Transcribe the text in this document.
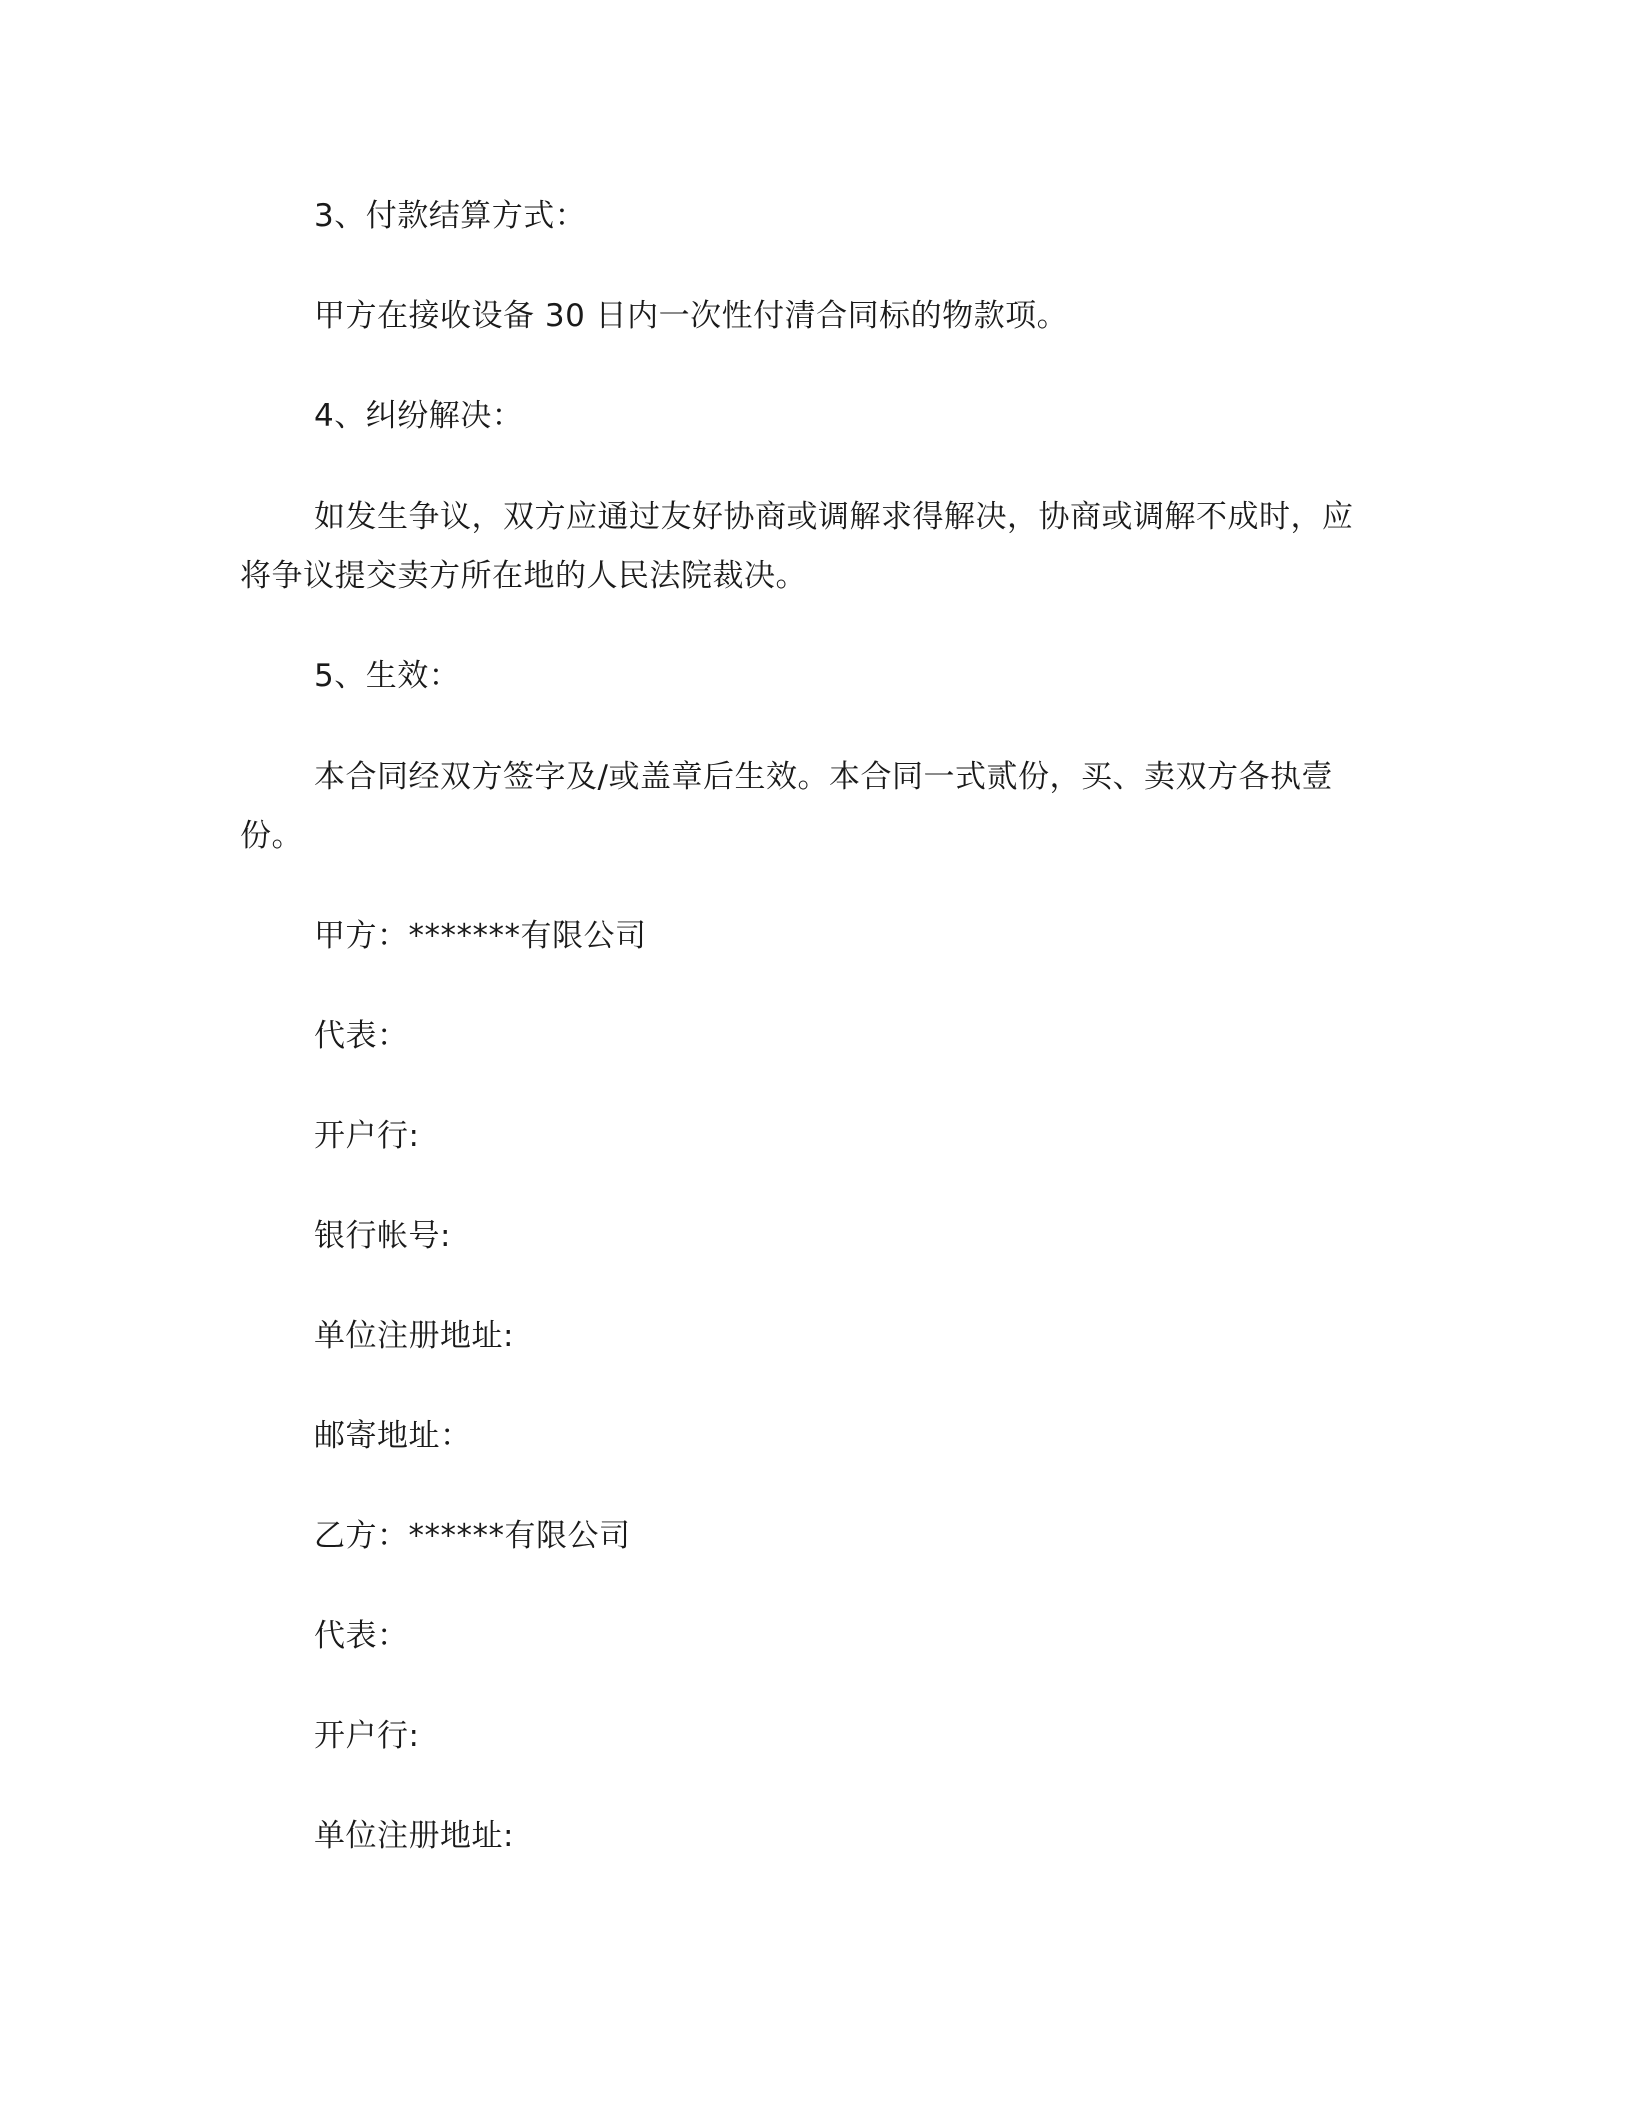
3、付款结算方式：
甲方在接收设备 30 日内一次性付清合同标的物款项。
4、纠纷解决：
如发生争议，双方应通过友好协商或调解求得解决，协商或调解不成时，应将争议提交卖方所在地的人民法院裁决。
5、生效：
本合同经双方签字及/或盖章后生效。本合同一式贰份，买、卖双方各执壹份。
甲方：*******有限公司
代表：
开户行:
银行帐号:
单位注册地址:
邮寄地址：
乙方：******有限公司
代表：
开户行:
单位注册地址:
